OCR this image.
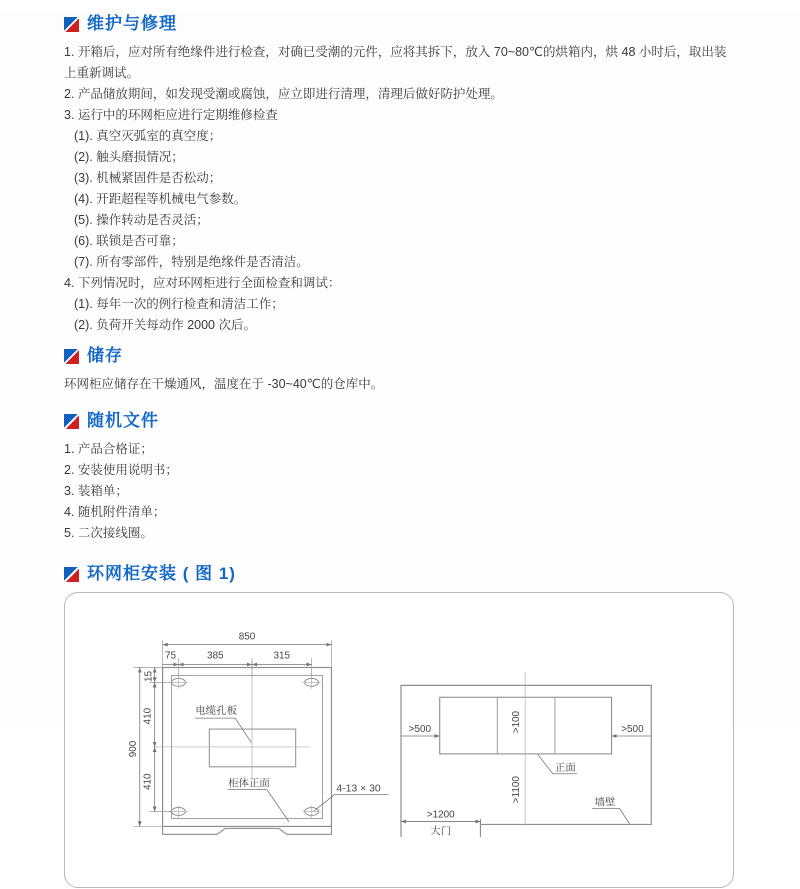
维护与修理

1. 开箱后，应对所有绝缘件进行检查，对确已受潮的元件，应将其拆下，放入 70~80℃的烘箱内，烘 48 小时后，取出装上重新调试。

2. 产品储放期间，如发现受潮或腐蚀，应立即进行清理，清理后做好防护处理。

3. 运行中的环网柜应进行定期维修检查

(1). 真空灭弧室的真空度；

(2). 触头磨损情况；

(3). 机械紧固件是否松动；

(4). 开距超程等机械电气参数。

(5). 操作转动是否灵活；

(6). 联锁是否可靠；

(7). 所有零部件，特别是绝缘件是否清洁。

4. 下列情况时，应对环网柜进行全面检查和调试：

(1). 每年一次的例行检查和清洁工作；

(2). 负荷开关每动作 2000 次后。

储存

环网柜应储存在干燥通风，温度在于 -30~40℃的仓库中。

随机文件

1. 产品合格证；

2. 安装使用说明书；

3. 装箱单；

4. 随机附件清单；

5. 二次接线圈。

环网柜安装 ( 图 1)
850
75	385	315
15
410
900
410
电缆孔板
柜体正面	4-13 × 30
>500	>500
>100
>1100
>1200
大门
正面
墙壁
